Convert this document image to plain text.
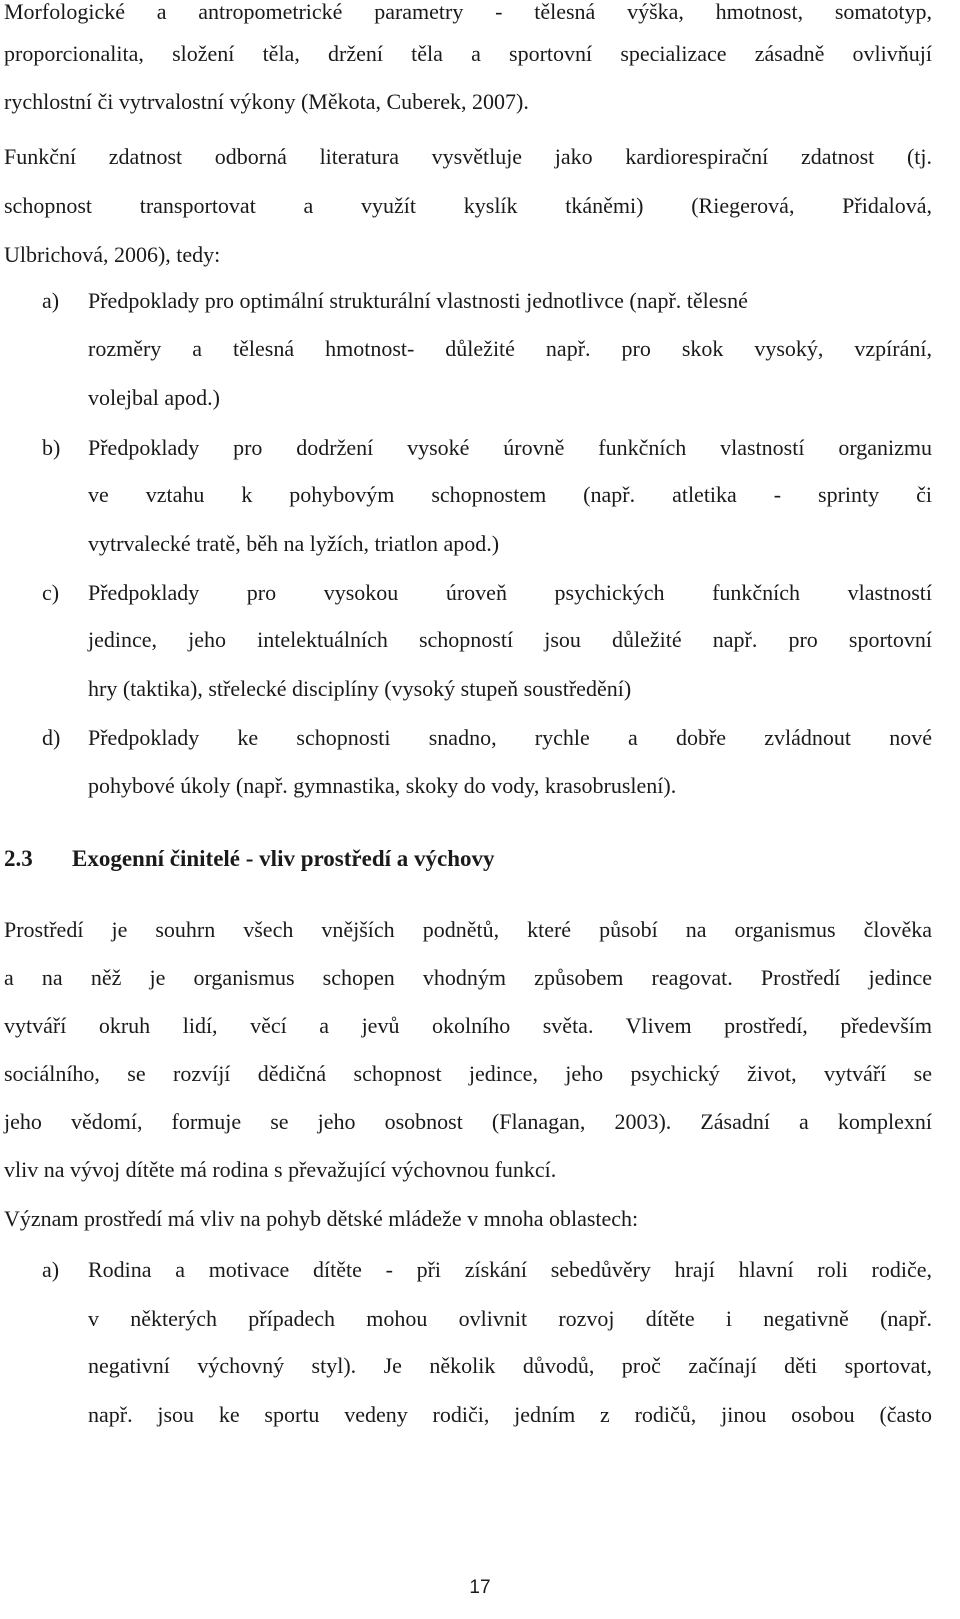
Morfologické a antropometrické parametry - tělesná výška, hmotnost, somatotyp,
proporcionalita, složení těla, držení těla a sportovní specializace zásadně ovlivňují
rychlostní či vytrvalostní výkony (Měkota, Cuberek, 2007).
Funkční zdatnost odborná literatura vysvětluje jako kardiorespirační zdatnost (tj.
schopnost transportovat a využít kyslík tkáněmi) (Riegerová, Přidalová,
Ulbrichová, 2006), tedy:
a) Předpoklady pro optimální strukturální vlastnosti jednotlivce (např. tělesné
rozměry a tělesná hmotnost- důležité např. pro skok vysoký, vzpírání,
volejbal apod.)
b) Předpoklady pro dodržení vysoké úrovně funkčních vlastností organizmu
ve vztahu k pohybovým schopnostem (např. atletika - sprinty či
vytrvalecké tratě, běh na lyžích, triatlon apod.)
c) Předpoklady pro vysokou úroveň psychických funkčních vlastností
jedince, jeho intelektuálních schopností jsou důležité např. pro sportovní
hry (taktika), střelecké disciplíny (vysoký stupeň soustředění)
d) Předpoklady ke schopnosti snadno, rychle a dobře zvládnout nové
pohybové úkoly (např. gymnastika, skoky do vody, krasobruslení).
2.3 Exogenní činitelé - vliv prostředí a výchovy
Prostředí je souhrn všech vnějších podnětů, které působí na organismus člověka
a na něž je organismus schopen vhodným způsobem reagovat. Prostředí jedince
vytváří okruh lidí, věcí a jevů okolního světa. Vlivem prostředí, především
sociálního, se rozvíjí dědičná schopnost jedince, jeho psychický život, vytváří se
jeho vědomí, formuje se jeho osobnost (Flanagan, 2003). Zásadní a komplexní
vliv na vývoj dítěte má rodina s převažující výchovnou funkcí.
Význam prostředí má vliv na pohyb dětské mládeže v mnoha oblastech:
a) Rodina a motivace dítěte - při získání sebedůvěry hrají hlavní roli rodiče,
v některých případech mohou ovlivnit rozvoj dítěte i negativně (např.
negativní výchovný styl). Je několik důvodů, proč začínají děti sportovat,
např. jsou ke sportu vedeny rodiči, jedním z rodičů, jinou osobou (často
17
